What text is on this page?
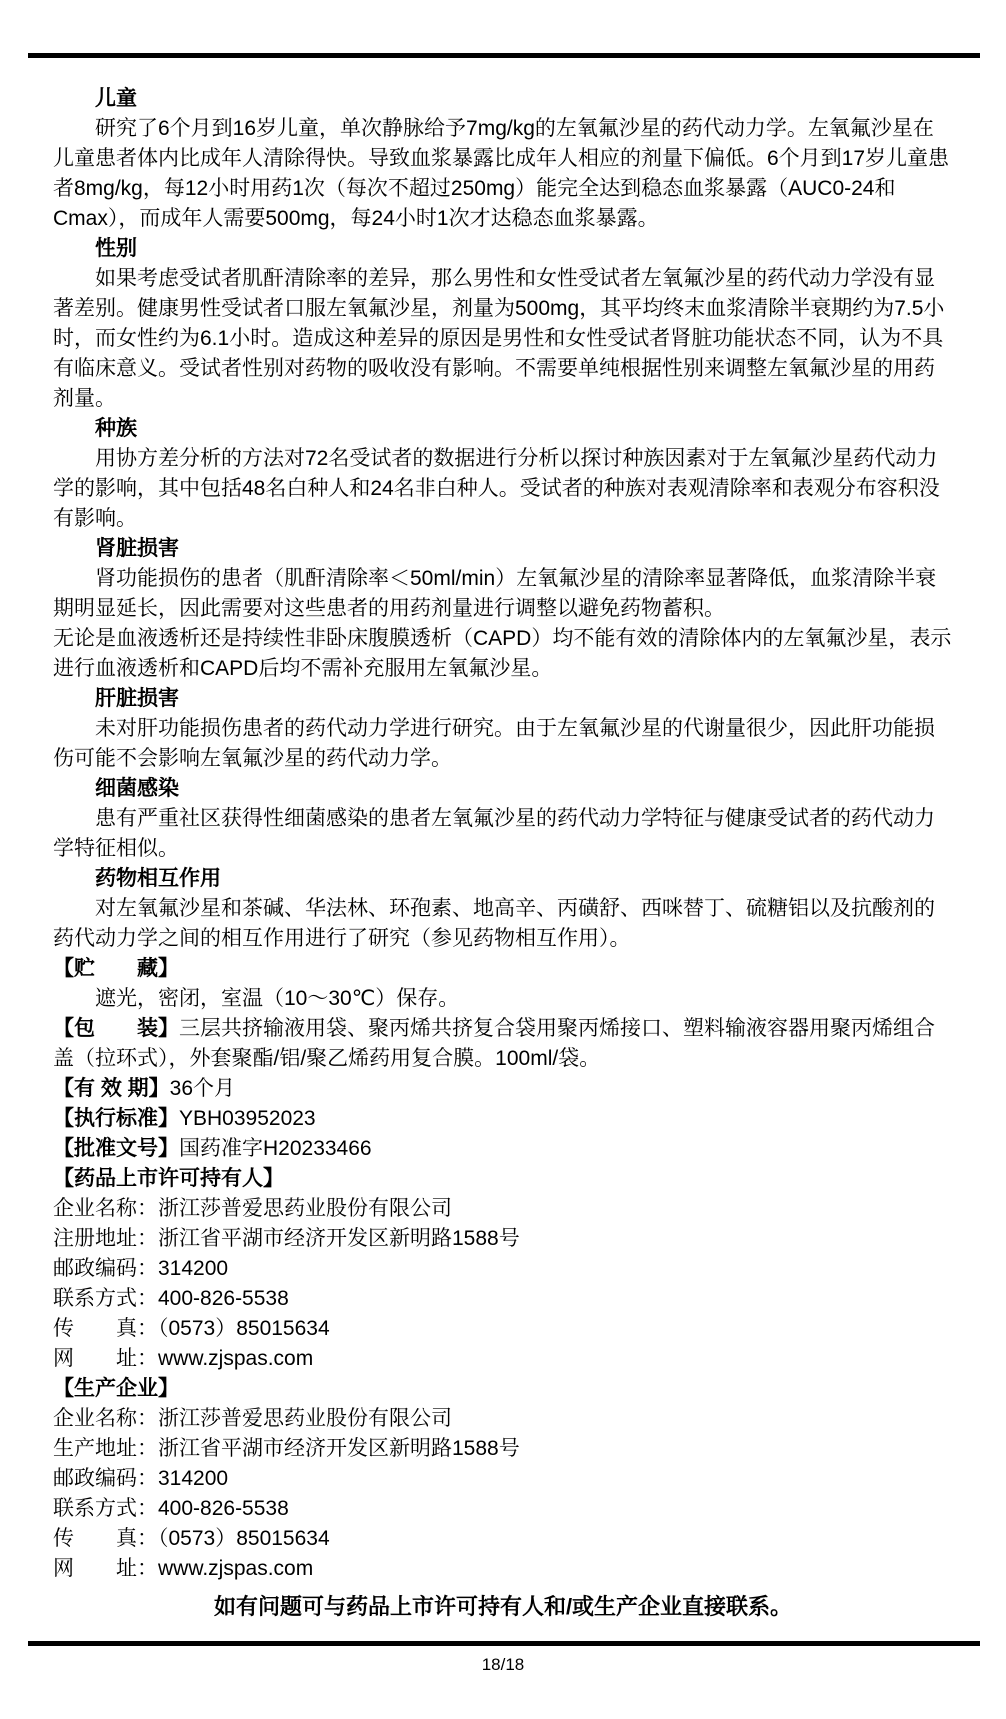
儿童

研究了6个月到16岁儿童，单次静脉给予7mg/kg的左氧氟沙星的药代动力学。左氧氟沙星在儿童患者体内比成年人清除得快。导致血浆暴露比成年人相应的剂量下偏低。6个月到17岁儿童患者8mg/kg，每12小时用药1次（每次不超过250mg）能完全达到稳态血浆暴露（AUC0-24和Cmax），而成年人需要500mg，每24小时1次才达稳态血浆暴露。

性别

如果考虑受试者肌酐清除率的差异，那么男性和女性受试者左氧氟沙星的药代动力学没有显著差别。健康男性受试者口服左氧氟沙星，剂量为500mg，其平均终末血浆清除半衰期约为7.5小时，而女性约为6.1小时。造成这种差异的原因是男性和女性受试者肾脏功能状态不同，认为不具有临床意义。受试者性别对药物的吸收没有影响。不需要单纯根据性别来调整左氧氟沙星的用药剂量。

种族

用协方差分析的方法对72名受试者的数据进行分析以探讨种族因素对于左氧氟沙星药代动力学的影响，其中包括48名白种人和24名非白种人。受试者的种族对表观清除率和表观分布容积没有影响。

肾脏损害

肾功能损伤的患者（肌酐清除率＜50ml/min）左氧氟沙星的清除率显著降低，血浆清除半衰期明显延长，因此需要对这些患者的用药剂量进行调整以避免药物蓄积。

无论是血液透析还是持续性非卧床腹膜透析（CAPD）均不能有效的清除体内的左氧氟沙星，表示进行血液透析和CAPD后均不需补充服用左氧氟沙星。

肝脏损害

未对肝功能损伤患者的药代动力学进行研究。由于左氧氟沙星的代谢量很少，因此肝功能损伤可能不会影响左氧氟沙星的药代动力学。

细菌感染

患有严重社区获得性细菌感染的患者左氧氟沙星的药代动力学特征与健康受试者的药代动力学特征相似。

药物相互作用

对左氧氟沙星和茶碱、华法林、环孢素、地高辛、丙磺舒、西咪替丁、硫糖铝以及抗酸剂的药代动力学之间的相互作用进行了研究（参见药物相互作用）。

【贮　　藏】

遮光，密闭，室温（10～30℃）保存。

【包　　装】三层共挤输液用袋、聚丙烯共挤复合袋用聚丙烯接口、塑料输液容器用聚丙烯组合盖（拉环式），外套聚酯/铝/聚乙烯药用复合膜。100ml/袋。

【有 效 期】36个月

【执行标准】YBH03952023

【批准文号】国药准字H20233466

【药品上市许可持有人】

企业名称：浙江莎普爱思药业股份有限公司

注册地址：浙江省平湖市经济开发区新明路1588号

邮政编码：314200

联系方式：400-826-5538

传　　真：（0573）85015634

网　　址：www.zjspas.com

【生产企业】

企业名称：浙江莎普爱思药业股份有限公司

生产地址：浙江省平湖市经济开发区新明路1588号

邮政编码：314200

联系方式：400-826-5538

传　　真：（0573）85015634

网　　址：www.zjspas.com

如有问题可与药品上市许可持有人和/或生产企业直接联系。
18/18
